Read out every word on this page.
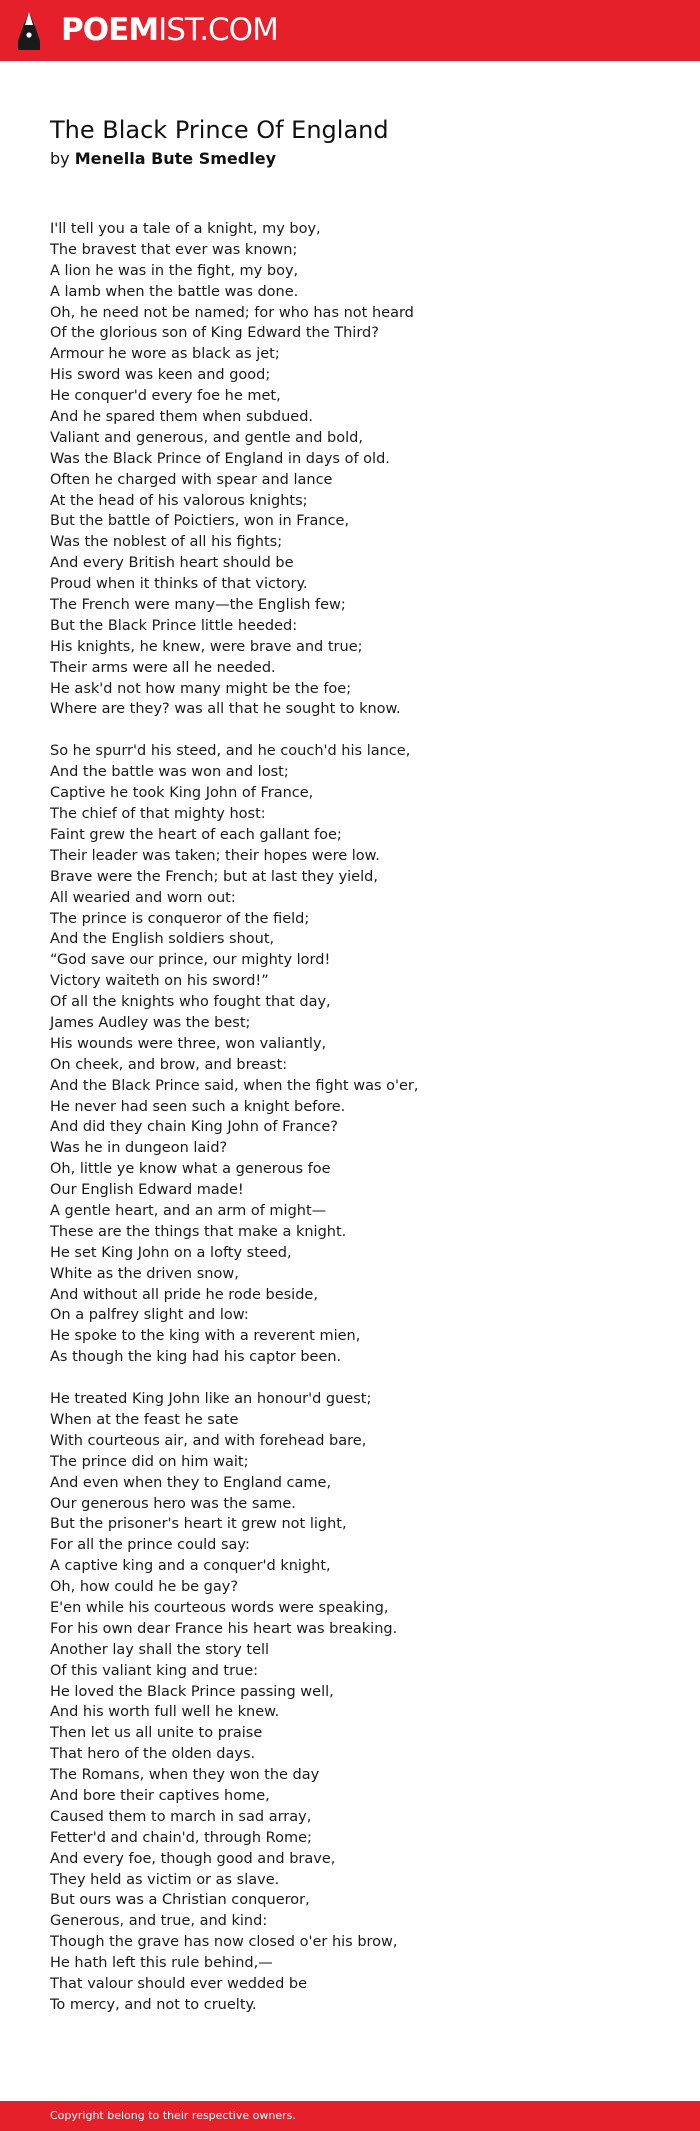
POEMIST.COM
The Black Prince Of England
by Menella Bute Smedley
I'll tell you a tale of a knight, my boy,
The bravest that ever was known;
A lion he was in the fight, my boy,
A lamb when the battle was done.
Oh, he need not be named; for who has not heard
Of the glorious son of King Edward the Third?
Armour he wore as black as jet;
His sword was keen and good;
He conquer'd every foe he met,
And he spared them when subdued.
Valiant and generous, and gentle and bold,
Was the Black Prince of England in days of old.
Often he charged with spear and lance
At the head of his valorous knights;
But the battle of Poictiers, won in France,
Was the noblest of all his fights;
And every British heart should be
Proud when it thinks of that victory.
The French were many—the English few;
But the Black Prince little heeded:
His knights, he knew, were brave and true;
Their arms were all he needed.
He ask'd not how many might be the foe;
Where are they? was all that he sought to know.
So he spurr'd his steed, and he couch'd his lance,
And the battle was won and lost;
Captive he took King John of France,
The chief of that mighty host:
Faint grew the heart of each gallant foe;
Their leader was taken; their hopes were low.
Brave were the French; but at last they yield,
All wearied and worn out:
The prince is conqueror of the field;
And the English soldiers shout,
“God save our prince, our mighty lord!
Victory waiteth on his sword!”
Of all the knights who fought that day,
James Audley was the best;
His wounds were three, won valiantly,
On cheek, and brow, and breast:
And the Black Prince said, when the fight was o'er,
He never had seen such a knight before.
And did they chain King John of France?
Was he in dungeon laid?
Oh, little ye know what a generous foe
Our English Edward made!
A gentle heart, and an arm of might—
These are the things that make a knight.
He set King John on a lofty steed,
White as the driven snow,
And without all pride he rode beside,
On a palfrey slight and low:
He spoke to the king with a reverent mien,
As though the king had his captor been.
He treated King John like an honour'd guest;
When at the feast he sate
With courteous air, and with forehead bare,
The prince did on him wait;
And even when they to England came,
Our generous hero was the same.
But the prisoner's heart it grew not light,
For all the prince could say:
A captive king and a conquer'd knight,
Oh, how could he be gay?
E'en while his courteous words were speaking,
For his own dear France his heart was breaking.
Another lay shall the story tell
Of this valiant king and true:
He loved the Black Prince passing well,
And his worth full well he knew.
Then let us all unite to praise
That hero of the olden days.
The Romans, when they won the day
And bore their captives home,
Caused them to march in sad array,
Fetter'd and chain'd, through Rome;
And every foe, though good and brave,
They held as victim or as slave.
But ours was a Christian conqueror,
Generous, and true, and kind:
Though the grave has now closed o'er his brow,
He hath left this rule behind,—
That valour should ever wedded be
To mercy, and not to cruelty.
Copyright belong to their respective owners.
